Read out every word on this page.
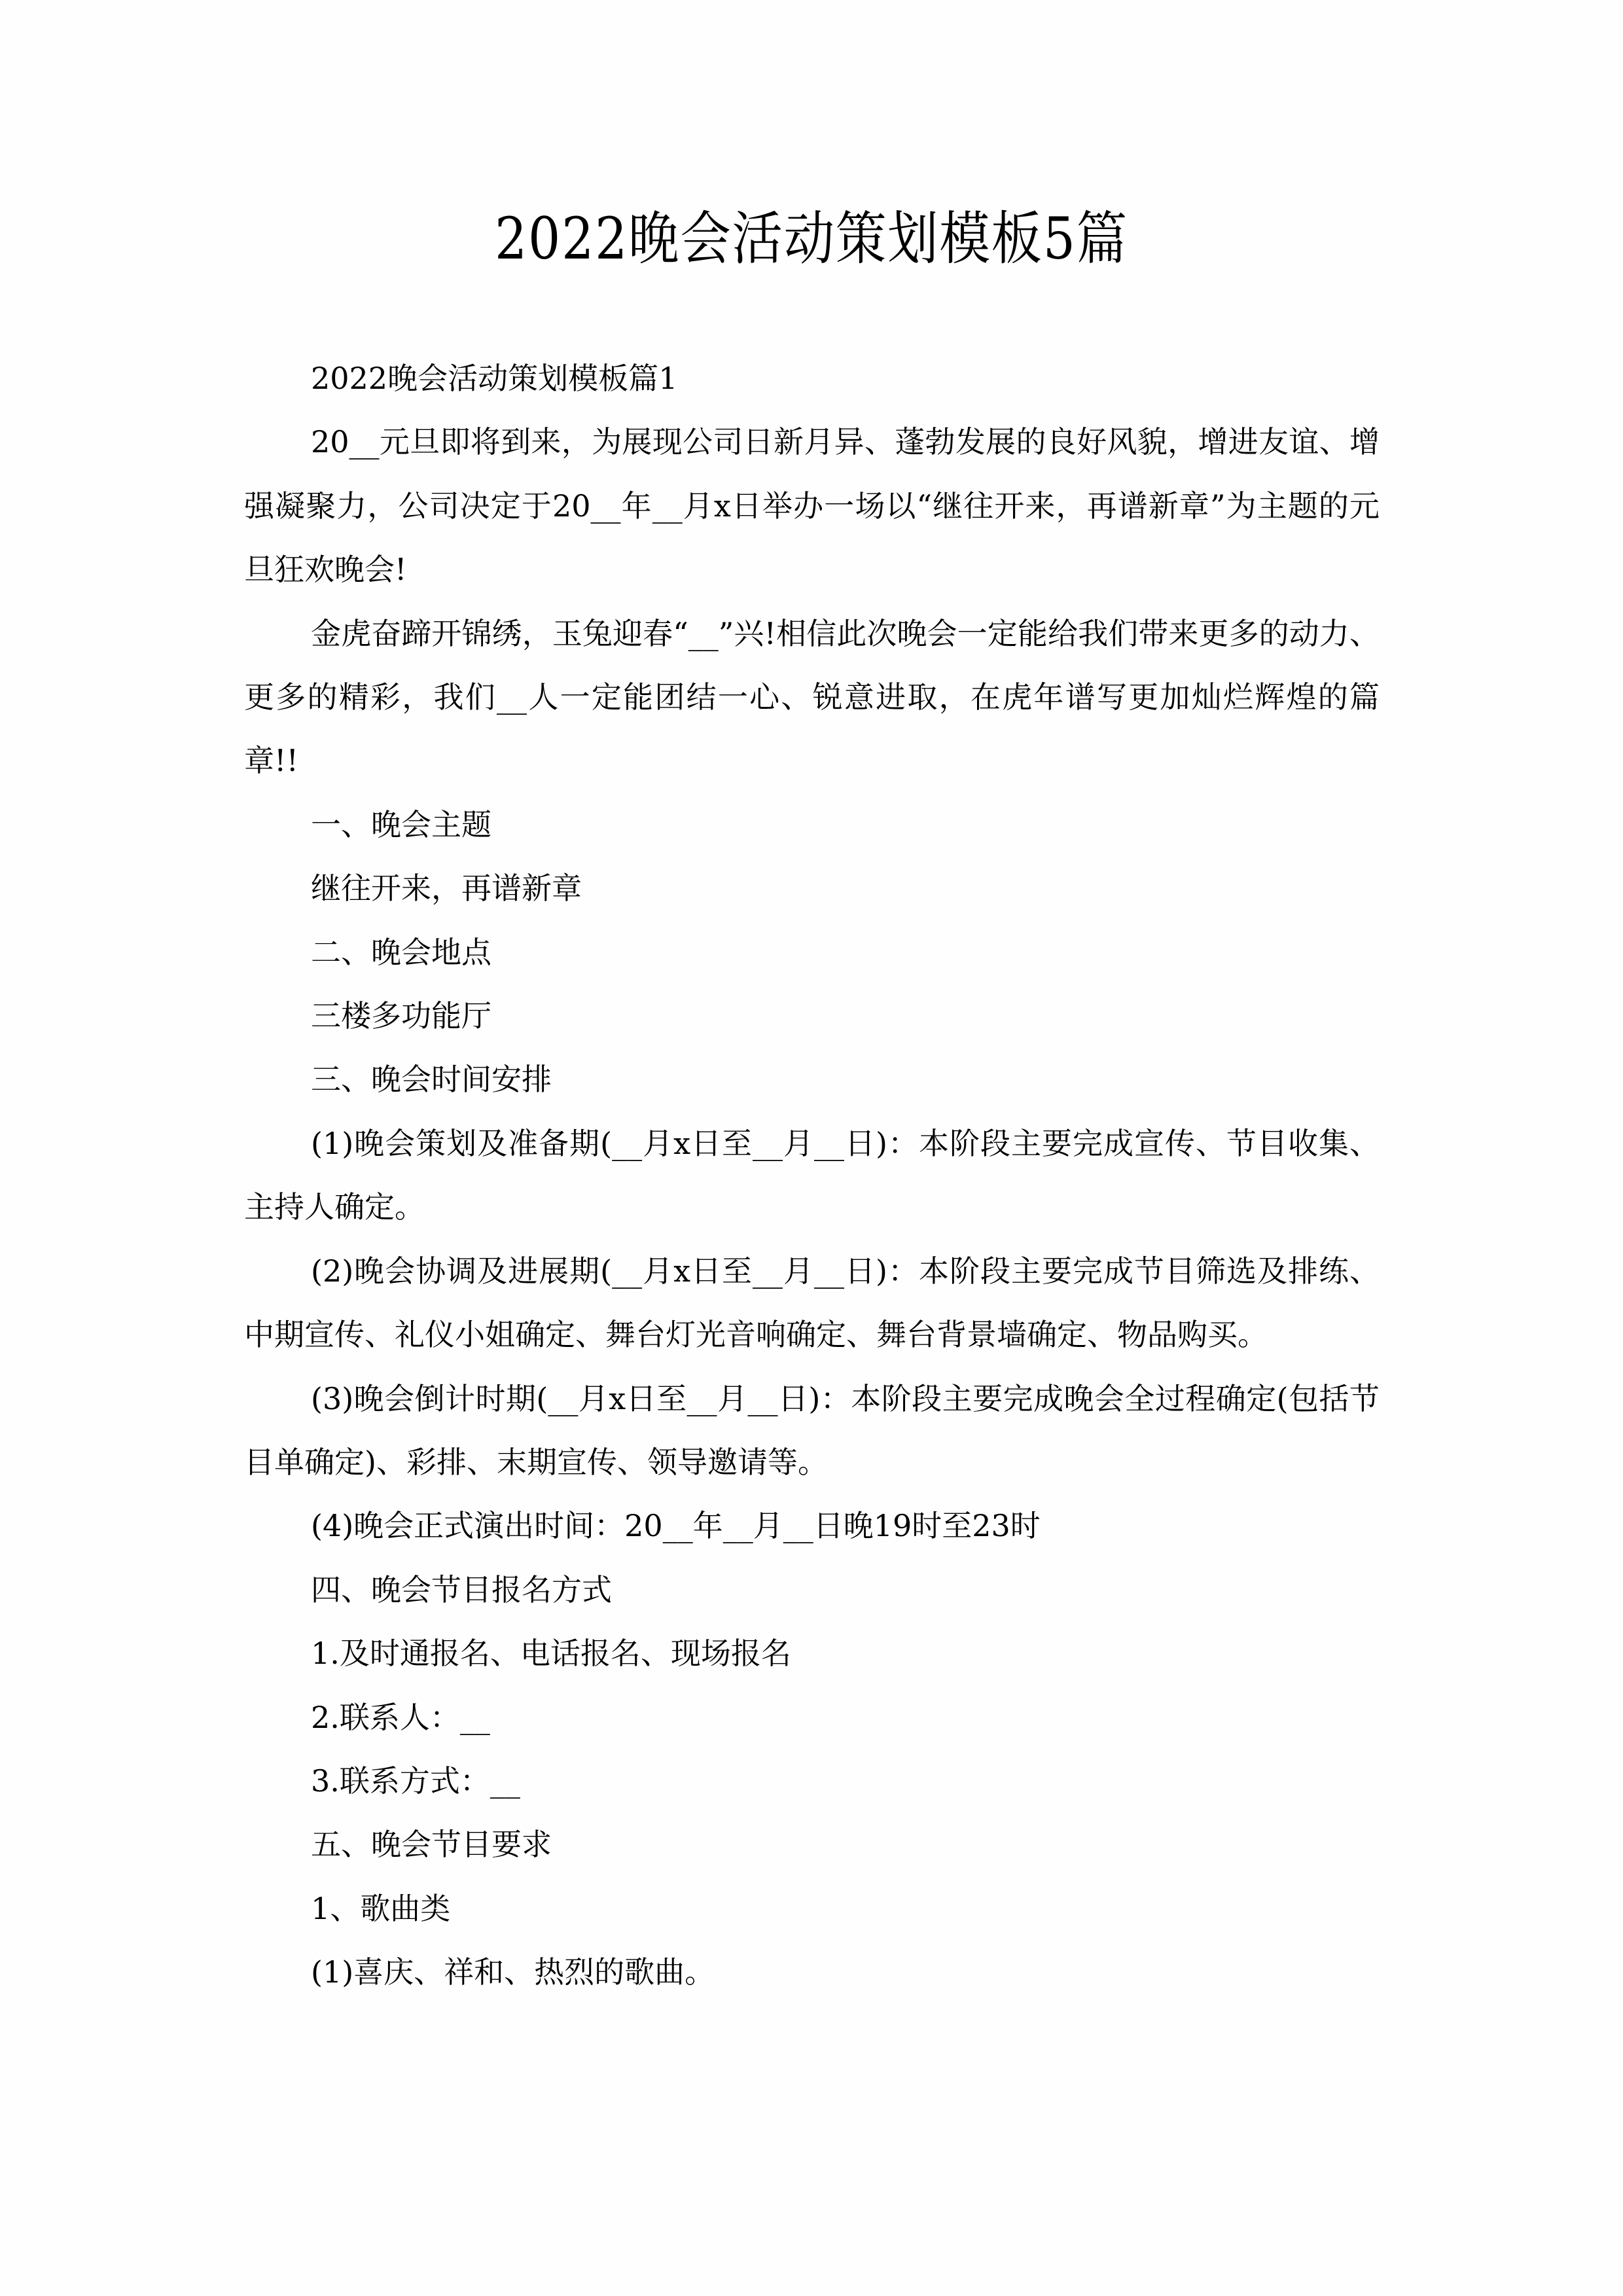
2022晚会活动策划模板5篇

2022晚会活动策划模板篇1

20__元旦即将到来，为展现公司日新月异、蓬勃发展的良好风貌，增进友谊、增强凝聚力，公司决定于20__年__月x日举办一场以“继往开来，再谱新章”为主题的元旦狂欢晚会!

金虎奋蹄开锦绣，玉兔迎春“__”兴!相信此次晚会一定能给我们带来更多的动力、更多的精彩，我们__人一定能团结一心、锐意进取，在虎年谱写更加灿烂辉煌的篇章!!

一、晚会主题

继往开来，再谱新章

二、晚会地点

三楼多功能厅

三、晚会时间安排

(1)晚会策划及准备期(__月x日至__月__日)：本阶段主要完成宣传、节目收集、主持人确定。

(2)晚会协调及进展期(__月x日至__月__日)：本阶段主要完成节目筛选及排练、中期宣传、礼仪小姐确定、舞台灯光音响确定、舞台背景墙确定、物品购买。

(3)晚会倒计时期(__月x日至__月__日)：本阶段主要完成晚会全过程确定(包括节目单确定)、彩排、末期宣传、领导邀请等。

(4)晚会正式演出时间：20__年__月__日晚19时至23时

四、晚会节目报名方式

1.及时通报名、电话报名、现场报名

2.联系人：__

3.联系方式：__

五、晚会节目要求

1、歌曲类

(1)喜庆、祥和、热烈的歌曲。
